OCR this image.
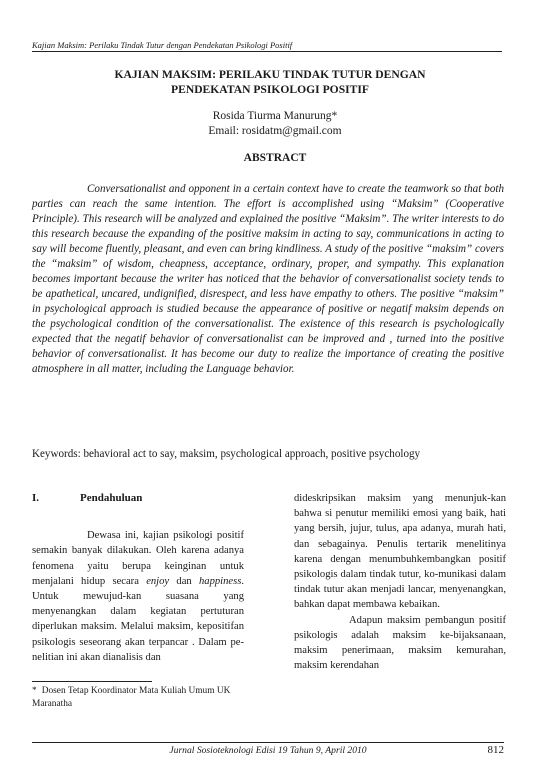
Kajian Maksim: Perilaku Tindak Tutur dengan Pendekatan Psikologi Positif
KAJIAN MAKSIM: PERILAKU TINDAK TUTUR DENGAN
PENDEKATAN PSIKOLOGI POSITIF
Rosida Tiurma Manurung*
Email: rosidatm@gmail.com
ABSTRACT

Conversationalist and opponent in a certain context have to create the teamwork so that both parties can reach the same intention. The effort is accomplished using “Maksim” (Cooperative Principle). This research will be analyzed and explained the positive “Maksim”. The writer interests to do this research because the expanding of the positive maksim in acting to say, communications in acting to say will become fluently, pleasant, and even can bring kindliness. A study of the positive “maksim” covers the “maksim” of wisdom, cheapness, acceptance, ordinary, proper, and sympathy. This explanation becomes important because the writer has noticed that the behavior of conversationalist society tends to be apathetical, uncared, undignified, disrespect, and less have empathy to others. The positive “maksim” in psychological approach is studied because the appearance of positive or negatif maksim depends on the psychological condition of the conversationalist. The existence of this research is psychologically expected that the negatif behavior of conversationalist can be improved and , turned into the positive behavior of conversationalist. It has become our duty to realize the importance of creating the positive atmosphere in all matter, including the Language behavior.

Keywords: behavioral act to say, maksim, psychological approach, positive psychology

I.	Pendahuluan

Dewasa ini, kajian psikologi positif semakin banyak dilakukan. Oleh karena adanya fenomena yaitu berupa keinginan untuk menjalani hidup secara enjoy dan happiness. Untuk mewujud-kan suasana yang menyenangkan dalam kegiatan pertuturan diperlukan maksim. Melalui maksim, kepositifan psikologis seseorang akan terpancar . Dalam pe-nelitian ini akan dianalisis dan

dideskripsikan maksim yang menunjuk-kan bahwa si penutur memiliki emosi yang baik, hati yang bersih, jujur, tulus, apa adanya, murah hati, dan sebagainya. Penulis tertarik menelitinya karena dengan menumbuhkembangkan positif psikologis dalam tindak tutur, ko-munikasi dalam tindak tutur akan menjadi lancar, menyenangkan, bahkan dapat membawa kebaikan.

Adapun maksim pembangun positif psikologis adalah maksim ke-bijaksanaan, maksim penerimaan, maksim kemurahan, maksim kerendahan

* Dosen Tetap Koordinator Mata Kuliah Umum UK Maranatha
Jurnal Sosioteknologi Edisi 19 Tahun 9, April 2010	812
